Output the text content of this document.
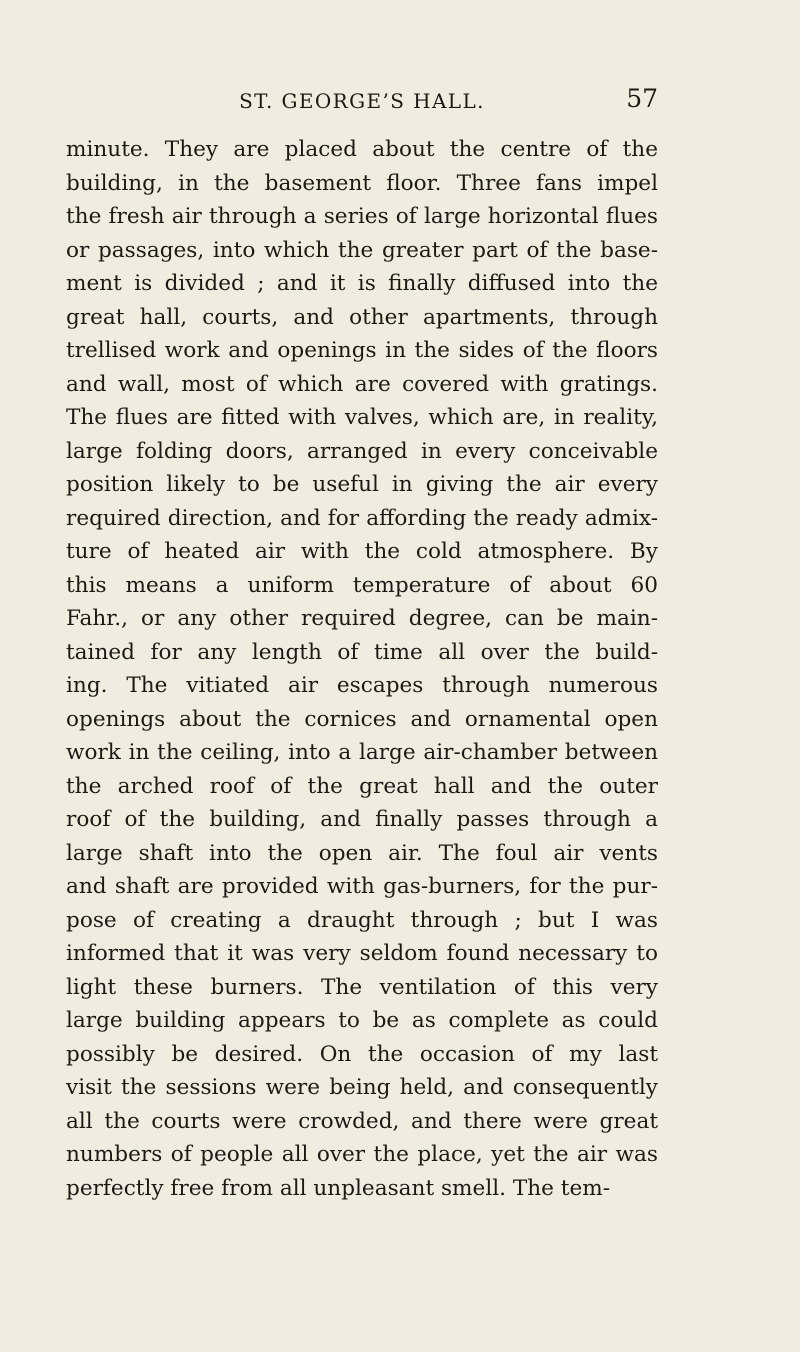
ST. GEORGE’S HALL.	57
minute. They are placed about the centre of the
building, in the basement floor. Three fans impel
the fresh air through a series of large horizontal flues
or passages, into which the greater part of the base-
ment is divided ; and it is finally diffused into the
great hall, courts, and other apartments, through
trellised work and openings in the sides of the floors
and wall, most of which are covered with gratings.
The flues are fitted with valves, which are, in reality,
large folding doors, arranged in every conceivable
position likely to be useful in giving the air every
required direction, and for affording the ready admix-
ture of heated air with the cold atmosphere. By
this means a uniform temperature of about 60
Fahr., or any other required degree, can be main-
tained for any length of time all over the build-
ing. The vitiated air escapes through numerous
openings about the cornices and ornamental open
work in the ceiling, into a large air-chamber between
the arched roof of the great hall and the outer
roof of the building, and finally passes through a
large shaft into the open air. The foul air vents
and shaft are provided with gas-burners, for the pur-
pose of creating a draught through ; but I was
informed that it was very seldom found necessary to
light these burners. The ventilation of this very
large building appears to be as complete as could
possibly be desired. On the occasion of my last
visit the sessions were being held, and consequently
all the courts were crowded, and there were great
numbers of people all over the place, yet the air was
perfectly free from all unpleasant smell. The tem-
